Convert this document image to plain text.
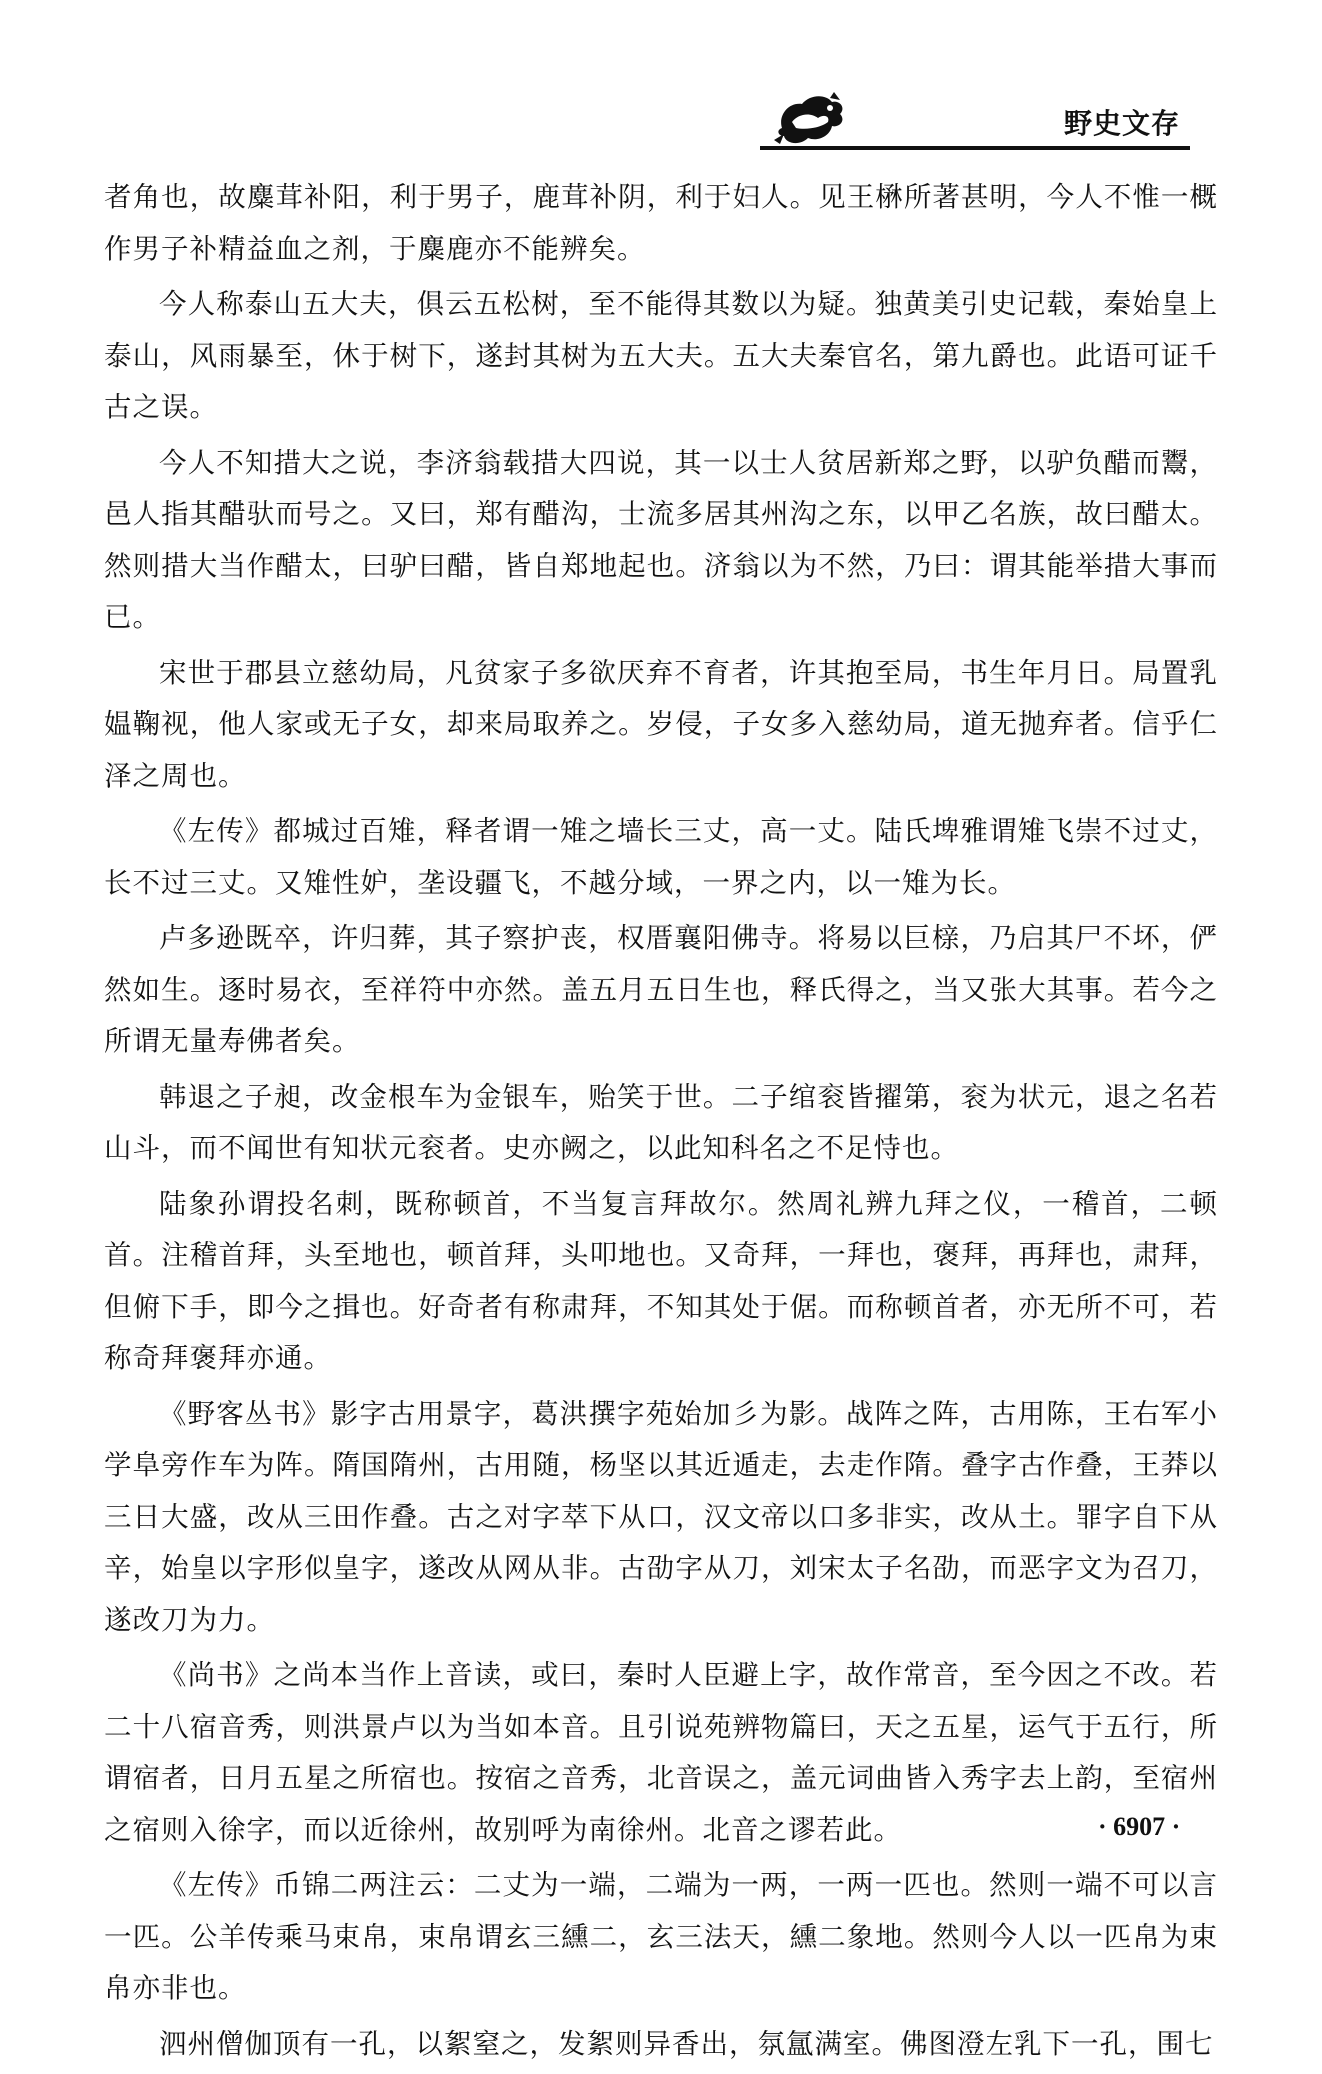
野史文存

者角也，故麋茸补阳，利于男子，鹿茸补阴，利于妇人。见王楙所著甚明，今人不惟一概作男子补精益血之剂，于麋鹿亦不能辨矣。

今人称泰山五大夫，俱云五松树，至不能得其数以为疑。独黄美引史记载，秦始皇上泰山，风雨暴至，休于树下，遂封其树为五大夫。五大夫秦官名，第九爵也。此语可证千古之误。

今人不知措大之说，李济翁载措大四说，其一以士人贫居新郑之野，以驴负醋而鬻，邑人指其醋驮而号之。又曰，郑有醋沟，士流多居其州沟之东，以甲乙名族，故曰醋太。然则措大当作醋太，曰驴曰醋，皆自郑地起也。济翁以为不然，乃曰：谓其能举措大事而已。

宋世于郡县立慈幼局，凡贫家子多欲厌弃不育者，许其抱至局，书生年月日。局置乳媪鞠视，他人家或无子女，却来局取养之。岁侵，子女多入慈幼局，道无抛弃者。信乎仁泽之周也。

《左传》都城过百雉，释者谓一雉之墙长三丈，高一丈。陆氏埤雅谓雉飞崇不过丈，长不过三丈。又雉性妒，垄设疆飞，不越分域，一界之内，以一雉为长。

卢多逊既卒，许归葬，其子察护丧，权厝襄阳佛寺。将易以巨榇，乃启其尸不坏，俨然如生。逐时易衣，至祥符中亦然。盖五月五日生也，释氏得之，当又张大其事。若今之所谓无量寿佛者矣。

韩退之子昶，改金根车为金银车，贻笑于世。二子绾衮皆擢第，衮为状元，退之名若山斗，而不闻世有知状元衮者。史亦阙之，以此知科名之不足恃也。

陆象孙谓投名刺，既称顿首，不当复言拜故尔。然周礼辨九拜之仪，一稽首，二顿首。注稽首拜，头至地也，顿首拜，头叩地也。又奇拜，一拜也，褒拜，再拜也，肃拜，但俯下手，即今之揖也。好奇者有称肃拜，不知其处于倨。而称顿首者，亦无所不可，若称奇拜褒拜亦通。

《野客丛书》影字古用景字，葛洪撰字苑始加彡为影。战阵之阵，古用陈，王右军小学阜旁作车为阵。隋国隋州，古用随，杨坚以其近遁走，去走作隋。叠字古作叠，王莽以三日大盛，改从三田作叠。古之对字萃下从口，汉文帝以口多非实，改从土。罪字自下从辛，始皇以字形似皇字，遂改从网从非。古劭字从刀，刘宋太子名劭，而恶字文为召刀，遂改刀为力。

《尚书》之尚本当作上音读，或曰，秦时人臣避上字，故作常音，至今因之不改。若二十八宿音秀，则洪景卢以为当如本音。且引说苑辨物篇曰，天之五星，运气于五行，所谓宿者，日月五星之所宿也。按宿之音秀，北音误之，盖元词曲皆入秀字去上韵，至宿州之宿则入徐字，而以近徐州，故别呼为南徐州。北音之谬若此。

《左传》币锦二两注云：二丈为一端，二端为一两，一两一匹也。然则一端不可以言一匹。公羊传乘马束帛，束帛谓玄三纁二，玄三法天，纁二象地。然则今人以一匹帛为束帛亦非也。

泗州僧伽顶有一孔，以絮窒之，发絮则异香出，氛氲满室。佛图澄左乳下一孔，围七

· 6907 ·
